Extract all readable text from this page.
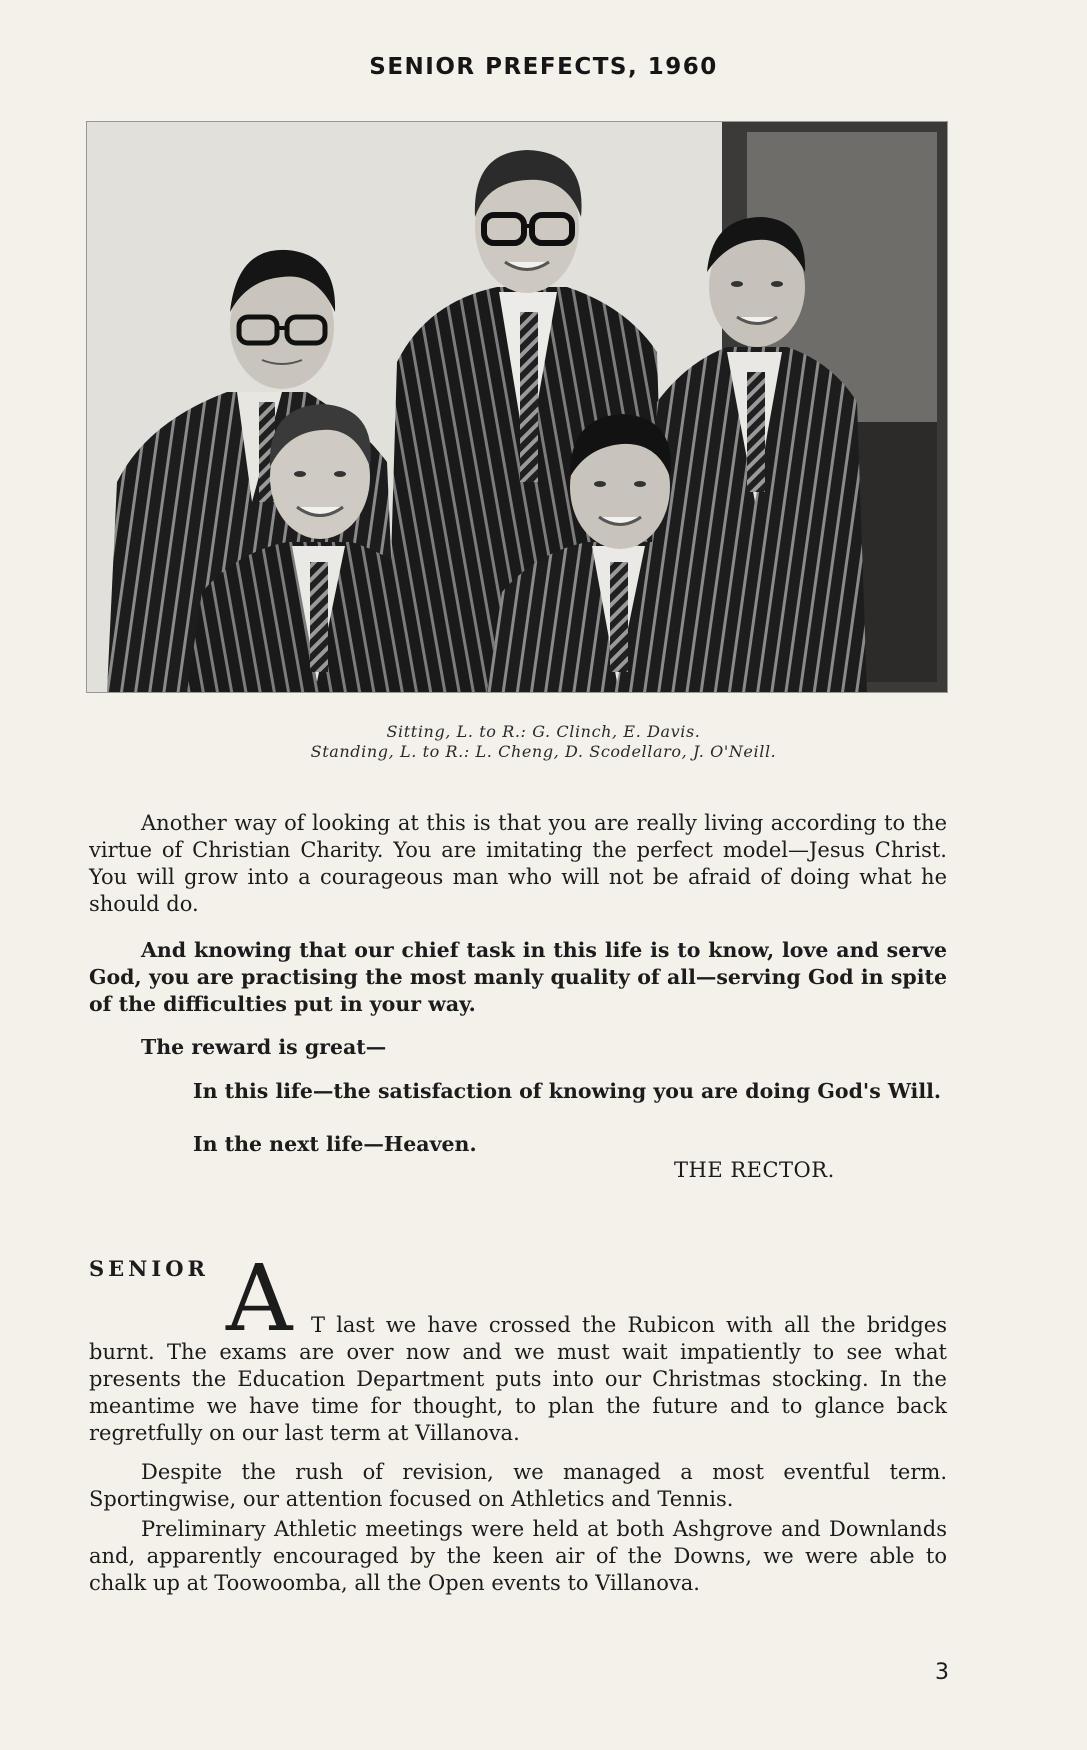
SENIOR PREFECTS, 1960
Sitting, L. to R.: G. Clinch, E. Davis.
Standing, L. to R.: L. Cheng, D. Scodellaro, J. O'Neill.
Another way of looking at this is that you are really living according to the virtue of Christian Charity. You are imitating the perfect model—Jesus Christ. You will grow into a courageous man who will not be afraid of doing what he should do.
And knowing that our chief task in this life is to know, love and serve God, you are practising the most manly quality of all—serving God in spite of the difficulties put in your way.
The reward is great—
In this life—the satisfaction of knowing you are doing God's Will.
In the next life—Heaven.
THE RECTOR.
SENIOR A T last we have crossed the Rubicon with all the bridges burnt. The exams are over now and we must wait impatiently to see what presents the Education Department puts into our Christmas stocking. In the meantime we have time for thought, to plan the future and to glance back regretfully on our last term at Villanova.
Despite the rush of revision, we managed a most eventful term. Sportingwise, our attention focused on Athletics and Tennis.
Preliminary Athletic meetings were held at both Ashgrove and Downlands and, apparently encouraged by the keen air of the Downs, we were able to chalk up at Toowoomba, all the Open events to Villanova.
3
